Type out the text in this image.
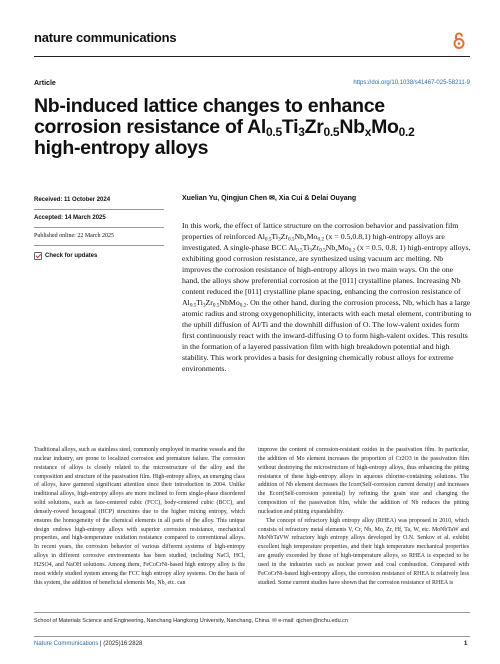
nature communications
Article	https://doi.org/10.1038/s41467-025-58211-9
Nb-induced lattice changes to enhance
corrosion resistance of $Al_{0.5}Ti_3Zr_{0.5}Nb_xMo_{0.2}$
high-entropy alloys
Received: 11 October 2024
Accepted: 14 March 2025
Published online: 22 March 2025
Check for updates
Xuelian Yu, Qingjun Chen ✉, Xia Cui & Delai Ouyang
In this work, the effect of lattice structure on the corrosion behavior and passivation film properties of reinforced $Al_{0.5}Ti_3Zr_{0.5}Nb_xMo_{0.2}$ (x = 0.5,0.8,1) high-entropy alloys are investigated. A single-phase BCC $Al_{0.5}Ti_3Zr_{0.5}Nb_xMo_{0.2}$ (x = 0.5, 0.8, 1) high-entropy alloys, exhibiting good corrosion resistance, are synthesized using vacuum arc melting. Nb improves the corrosion resistance of high-entropy alloys in two main ways. On the one hand, the alloys show preferential corrosion at the [011] crystalline planes. Increasing Nb content reduced the [011] crystalline plane spacing, enhancing the corrosion resistance of $Al_{0.5}Ti_3Zr_{0.5}NbMo_{0.2}$. On the other hand, during the corrosion process, Nb, which has a large atomic radius and strong oxygenophilicity, interacts with each metal element, contributing to the uphill diffusion of Al/Ti and the downhill diffusion of O. The low-valent oxides form first continuously react with the inward-diffusing O to form high-valent oxides. This results in the formation of a layered passivation film with high breakdown potential and high stability. This work provides a basis for designing chemically robust alloys for extreme environments.

Traditional alloys, such as stainless steel, commonly employed in marine vessels and the nuclear industry, are prone to localized corrosion and premature failure. The corrosion resistance of alloys is closely related to the microstructure of the alloy and the composition and structure of the passivation film. High-entropy alloys, an emerging class of alloys, have garnered significant attention since their introduction in 2004. Unlike traditional alloys, high-entropy alloys are more inclined to form single-phase disordered solid solutions, such as face-centered cubic (FCC), body-centered cubic (BCC), and densely-rowed hexagonal (HCP) structures due to the higher mixing entropy, which ensures the homogeneity of the chemical elements in all parts of the alloy. This unique design endows high-entropy alloys with superior corrosion resistance, mechanical properties, and high-temperature oxidation resistance compared to conventional alloys. In recent years, the corrosion behavior of various different systems of high-entropy alloys in different corrosive environments has been studied, including NaCl, HCl, H2SO4, and NaOH solutions. Among them, FeCoCrNi-based high entropy alloy is the most widely studied system among the FCC high entropy alloy systems. On the basis of this system, the addition of beneficial elements Mo, Nb, etc. can

improve the content of corrosion-resistant oxides in the passivation film. In particular, the addition of Mo element increases the proportion of Cr2O3 in the passivation film without destroying the microstructure of high-entropy alloys, thus enhancing the pitting resistance of these high-entropy alloys in aqueous chlorine-containing solutions. The addition of Nb element decreases the Icorr(Self-corrosion current density) and increases the Ecorr(Self-corrosion potential) by refining the grain size and changing the composition of the passivation film, while the addition of Nb reduces the pitting nucleation and pitting expandability.

The concept of refractory high entropy alloy (RHEA) was proposed in 2010, which consists of refractory metal elements V, Cr, Nb, Mo, Zr, Hf, Ta, W, etc. MoNbTaW and MoNbTaVW refractory high entropy alloys developed by O.N. Senkov et al. exhibit excellent high temperature properties, and their high temperature mechanical properties are greatly exceeded by those of high-temperature alloys, so RHEA is expected to be used in the industries such as nuclear power and coal combustion. Compared with FeCoCrNi-based high-entropy alloys, the corrosion resistance of RHEA is relatively less studied. Some current studies have shown that the corrosion resistance of RHEA is

School of Materials Science and Engineering, Nanchang Hangkong University, Nanchang, China. ✉ e-mail: qjchen@nchu.edu.cn
Nature Communications | (2025)16:2828	1
